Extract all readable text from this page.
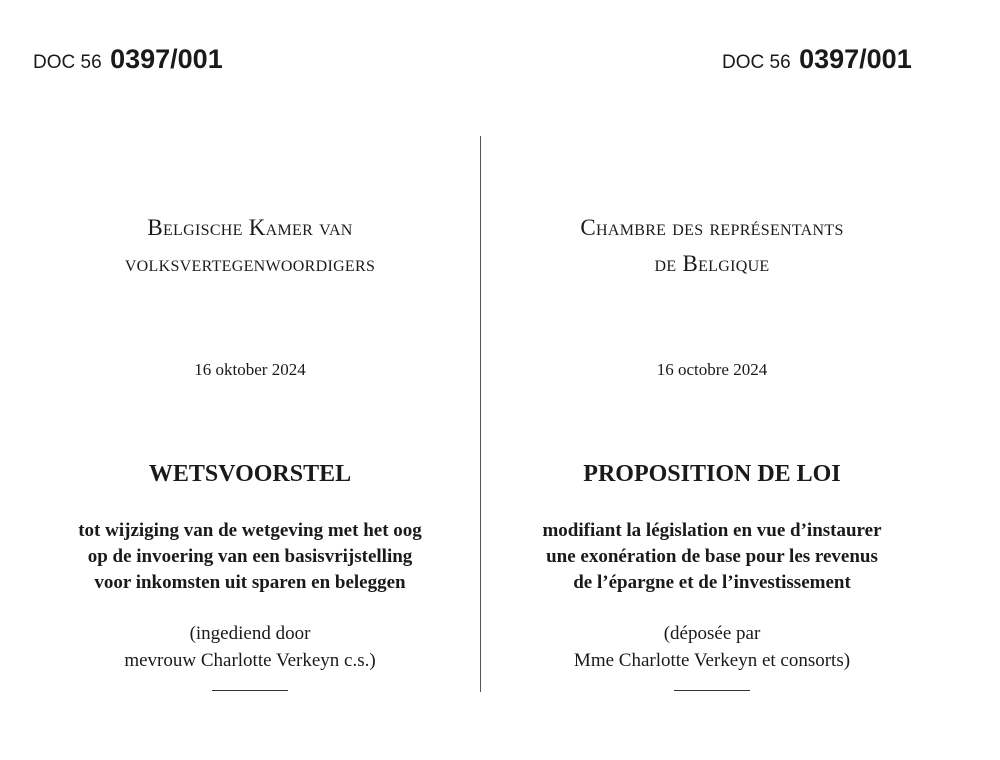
DOC 56 0397/001	DOC 56 0397/001
Belgische Kamer van
volksvertegenwoordigers
16 oktober 2024
WETSVOORSTEL
tot wijziging van de wetgeving met het oog
op de invoering van een basisvrijstelling
voor inkomsten uit sparen en beleggen
(ingediend door
mevrouw Charlotte Verkeyn c.s.)
Chambre des représentants
de Belgique
16 octobre 2024
PROPOSITION DE LOI
modifiant la législation en vue d’instaurer
une exonération de base pour les revenus
de l’épargne et de l’investissement
(déposée par
Mme Charlotte Verkeyn et consorts)
